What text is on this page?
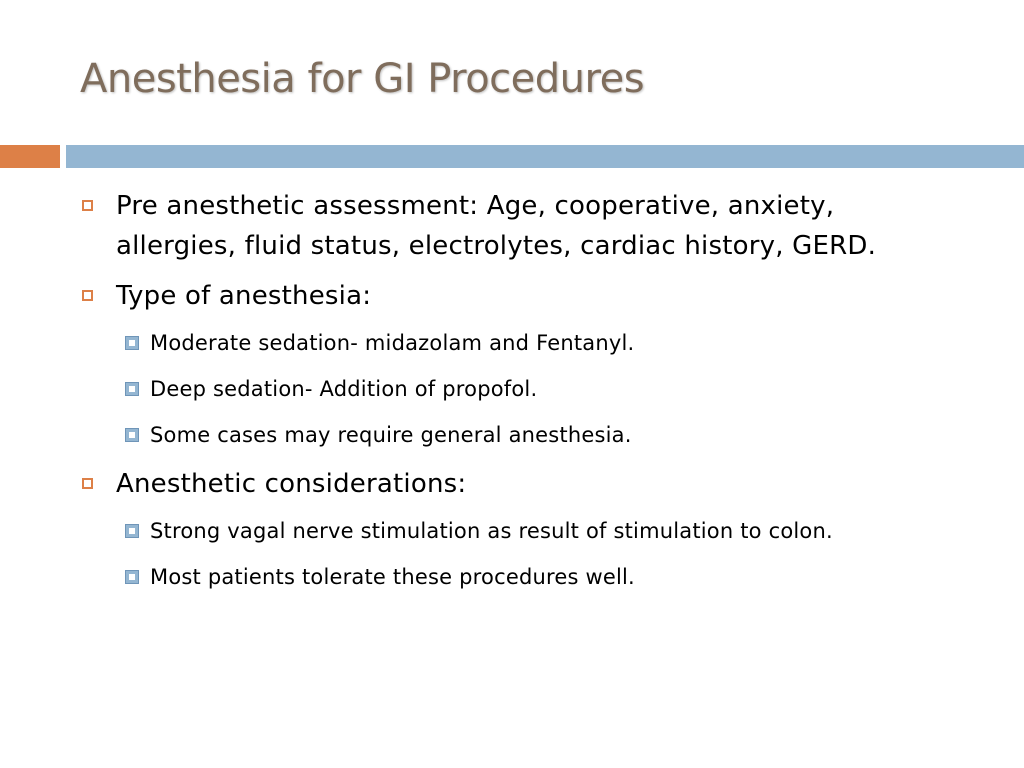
Anesthesia for GI Procedures
Pre anesthetic assessment: Age, cooperative, anxiety, allergies, fluid status, electrolytes, cardiac history, GERD.
Type of anesthesia:
Moderate sedation- midazolam and Fentanyl.
Deep sedation- Addition of propofol.
Some cases may require general anesthesia.
Anesthetic considerations:
Strong vagal nerve stimulation as result of stimulation to colon.
Most patients tolerate these procedures well.
